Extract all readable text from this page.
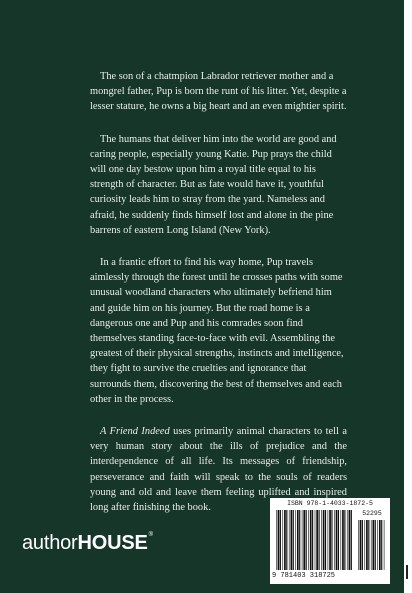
The son of a chatmpion Labrador retriever mother and a mongrel father, Pup is born the runt of his litter. Yet, despite a lesser stature, he owns a big heart and an even mightier spirit.

The humans that deliver him into the world are good and caring people, especially young Katie. Pup prays the child will one day bestow upon him a royal title equal to his strength of character. But as fate would have it, youthful curiosity leads him to stray from the yard. Nameless and afraid, he suddenly finds himself lost and alone in the pine barrens of eastern Long Island (New York).

In a frantic effort to find his way home, Pup travels aimlessly through the forest until he crosses paths with some unusual woodland characters who ultimately befriend him and guide him on his journey. But the road home is a dangerous one and Pup and his comrades soon find themselves standing face-to-face with evil. Assembling the greatest of their physical strengths, instincts and intelligence, they fight to survive the cruelties and ignorance that surrounds them, discovering the best of themselves and each other in the process.

A Friend Indeed uses primarily animal characters to tell a very human story about the ills of prejudice and the interdependence of all life. Its messages of friendship, perseverance and faith will speak to the souls of readers young and old and leave them feeling uplifted and inspired long after finishing the book.

authorHOUSE®
ISBN 978-1-4033-1872-5
52295
9 781403 318725
